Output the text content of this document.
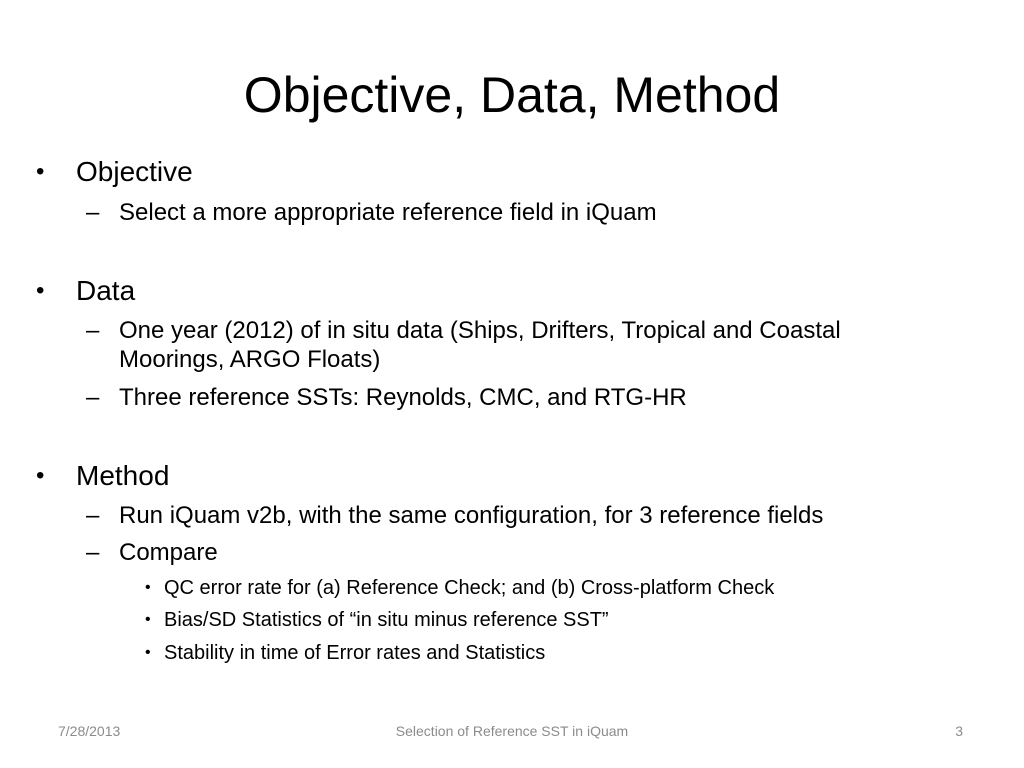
Objective, Data, Method
• Objective
– Select a more appropriate reference field in iQuam
• Data
– One year (2012) of in situ data (Ships, Drifters, Tropical and Coastal
Moorings, ARGO Floats)
– Three reference SSTs: Reynolds, CMC, and RTG-HR
• Method
– Run iQuam v2b, with the same configuration, for 3 reference fields
– Compare
• QC error rate for (a) Reference Check; and (b) Cross-platform Check
• Bias/SD Statistics of “in situ minus reference SST”
• Stability in time of Error rates and Statistics
7/28/2013	Selection of Reference SST in iQuam	3
